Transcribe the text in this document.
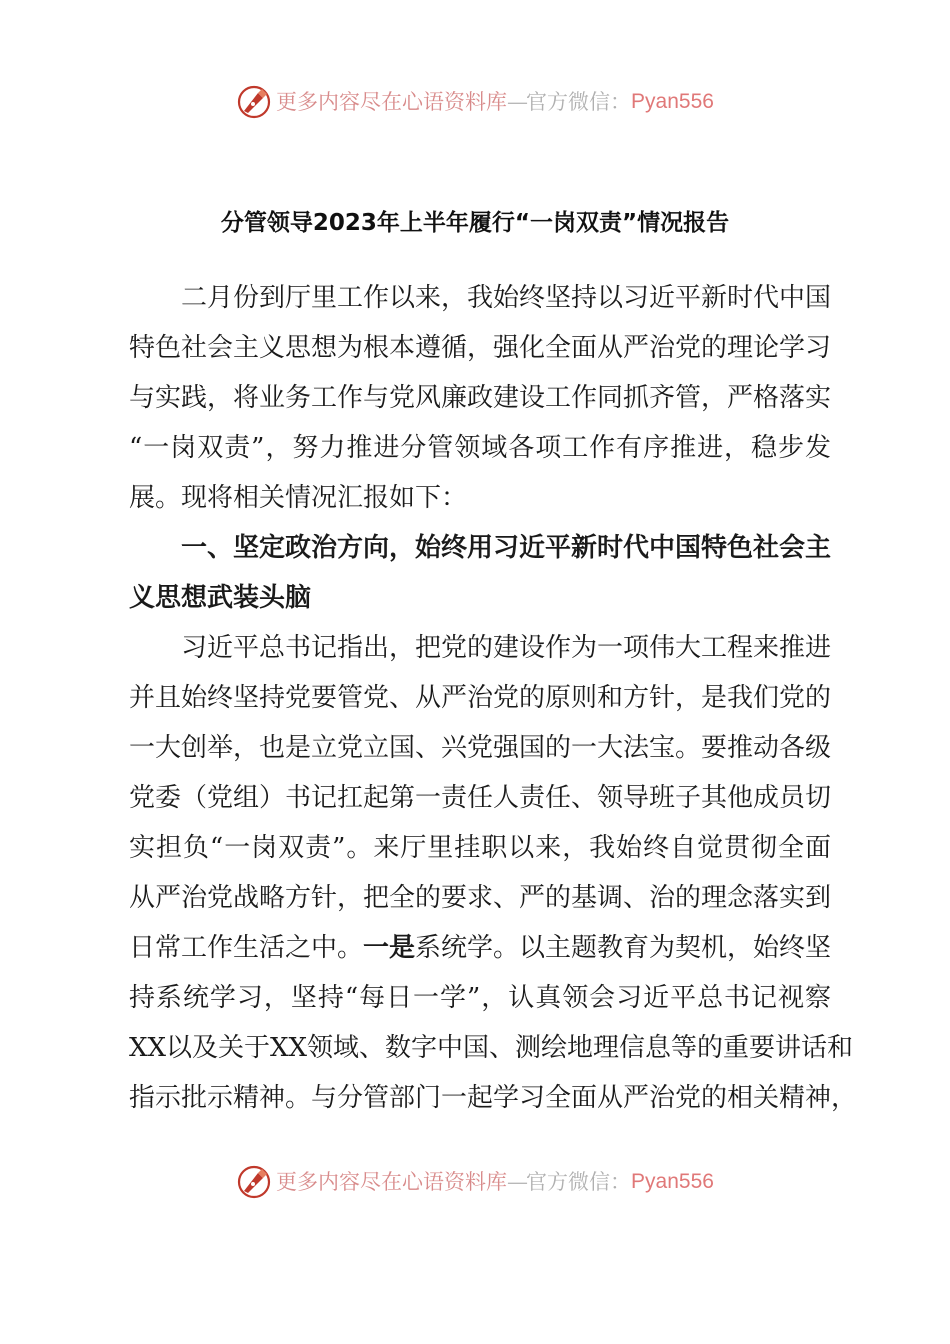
更多内容尽在心语资料库 — 官方微信： Pyan556
分管领导2023年上半年履行“一岗双责”情况报告

二月份到厅里工作以来，我始终坚持以习近平新时代中国

特色社会主义思想为根本遵循，强化全面从严治党的理论学习

与实践，将业务工作与党风廉政建设工作同抓齐管，严格落实

“一岗双责”，努力推进分管领域各项工作有序推进，稳步发

展。现将相关情况汇报如下：

一、坚定政治方向，始终用习近平新时代中国特色社会主

义思想武装头脑

习近平总书记指出，把党的建设作为一项伟大工程来推进

并且始终坚持党要管党、从严治党的原则和方针，是我们党的

一大创举，也是立党立国、兴党强国的一大法宝。要推动各级

党委（党组）书记扛起第一责任人责任、领导班子其他成员切

实担负“一岗双责”。来厅里挂职以来，我始终自觉贯彻全面

从严治党战略方针，把全的要求、严的基调、治的理念落实到

日常工作生活之中。一是系统学。以主题教育为契机，始终坚

持系统学习，坚持“每日一学”，认真领会习近平总书记视察

XX以及关于XX领域、数字中国、测绘地理信息等的重要讲话和

指示批示精神。与分管部门一起学习全面从严治党的相关精神，

更多内容尽在心语资料库 — 官方微信： Pyan556
